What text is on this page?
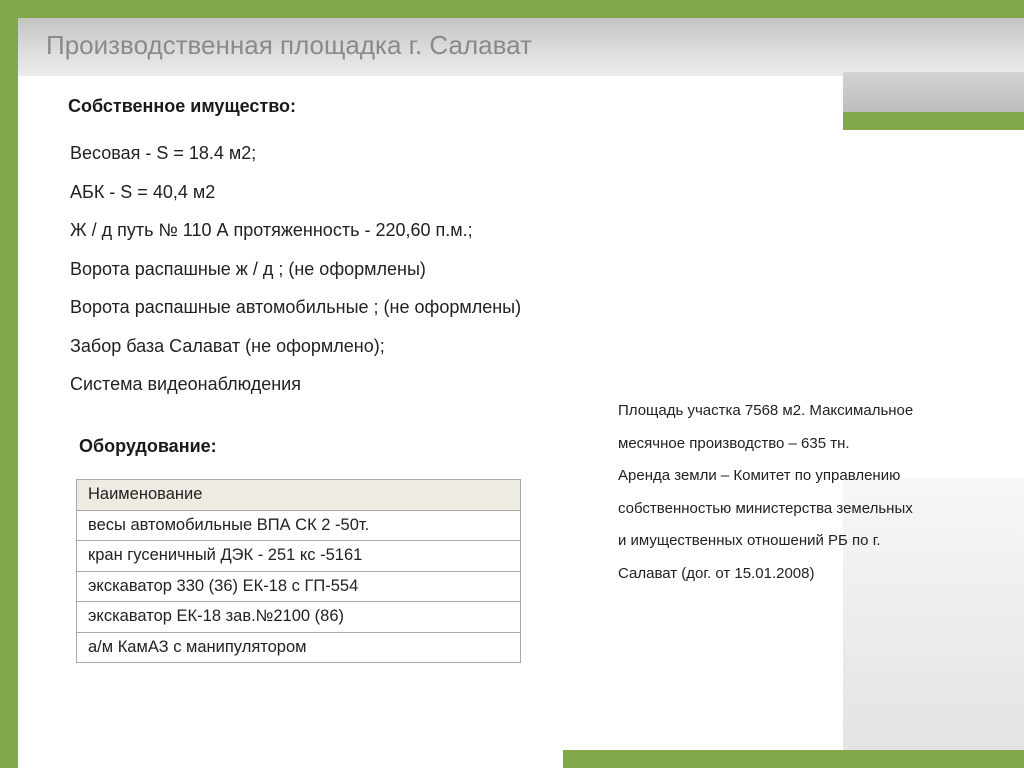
Производственная площадка г. Салават
Собственное имущество:
Весовая - S = 18.4 м2;
АБК - S = 40,4 м2
Ж / д путь № 110 А протяженность - 220,60 п.м.;
Ворота распашные ж / д ; (не оформлены)
Ворота распашные автомобильные ; (не оформлены)
Забор база Салават (не оформлено);
Система видеонаблюдения
Оборудование:
Наименование
весы автомобильные ВПА СК 2 -50т.
кран гусеничный ДЭК - 251 кс -5161
экскаватор 330 (36) ЕК-18 с ГП-554
экскаватор ЕК-18 зав.№2100 (86)
а/м КамАЗ с манипулятором
Площадь участка 7568 м2. Максимальное
месячное производство – 635 тн.
Аренда земли – Комитет по управлению
собственностью министерства земельных
и имущественных отношений РБ по г.
Салават (дог. от 15.01.2008)
